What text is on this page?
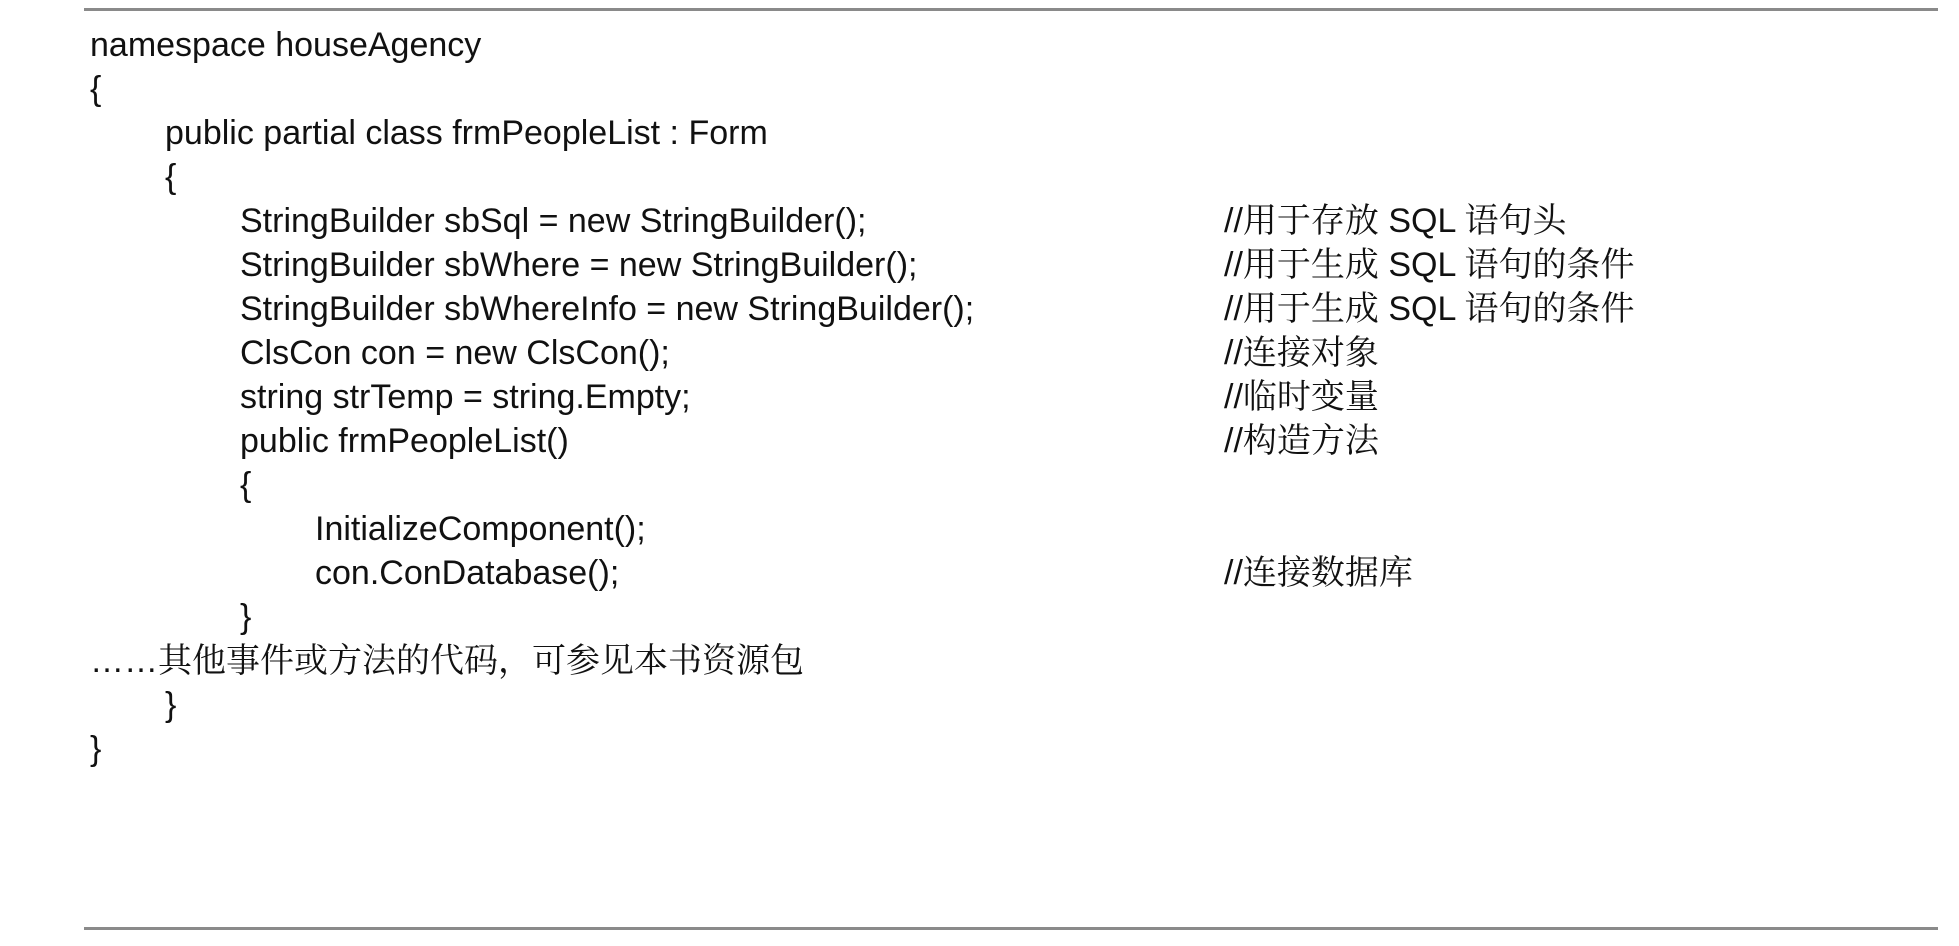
namespace houseAgency

{

public partial class frmPeopleList : Form

{

StringBuilder sbSql = new StringBuilder();

	//用于存放 SQL 语句头

StringBuilder sbWhere = new StringBuilder();

	//用于生成 SQL 语句的条件

StringBuilder sbWhereInfo = new StringBuilder();

	//用于生成 SQL 语句的条件

ClsCon con = new ClsCon();

	//连接对象

string strTemp = string.Empty;

	//临时变量

public frmPeopleList()

	//构造方法

{

InitializeComponent();

con.ConDatabase();

	//连接数据库

}

……其他事件或方法的代码，可参见本书资源包

}

}
